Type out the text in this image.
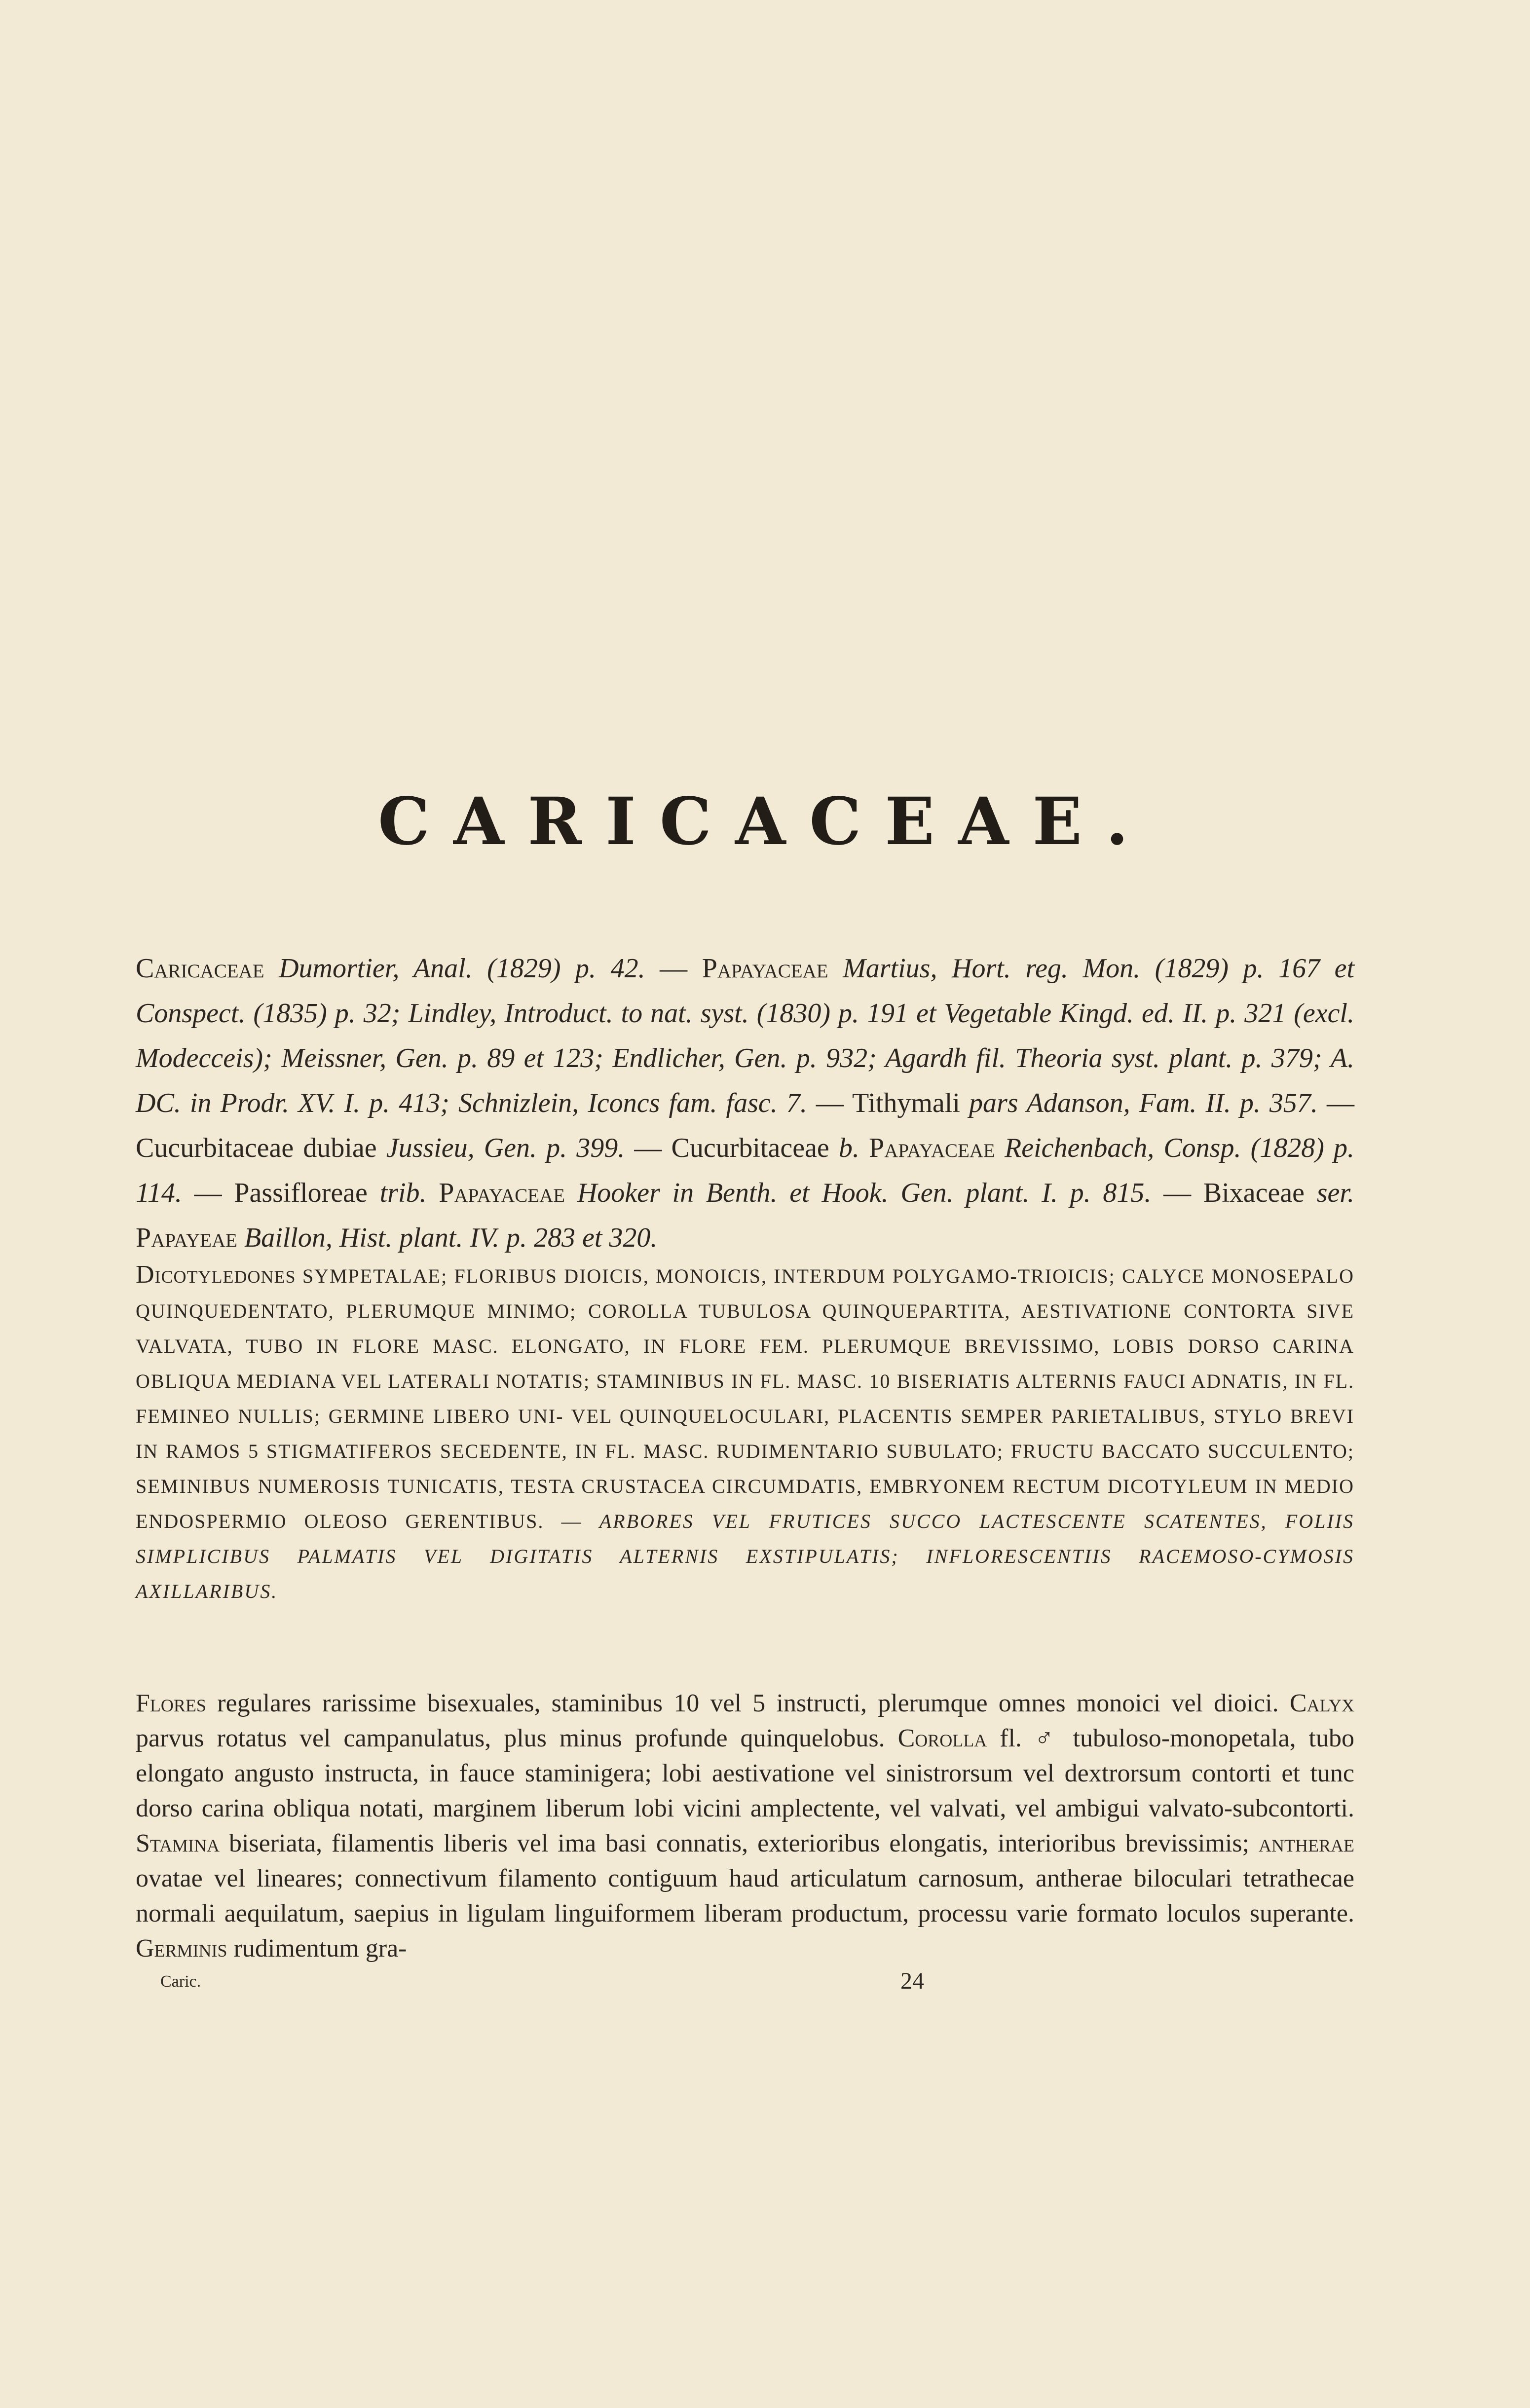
CARICACEAE.

Caricaceae Dumortier, Anal. (1829) p. 42. — Papayaceae Martius, Hort. reg. Mon. (1829) p. 167 et Conspect. (1835) p. 32; Lindley, Introduct. to nat. syst. (1830) p. 191 et Vegetable Kingd. ed. II. p. 321 (excl. Modecceis); Meissner, Gen. p. 89 et 123; Endlicher, Gen. p. 932; Agardh fil. Theoria syst. plant. p. 379; A. DC. in Prodr. XV. I. p. 413; Schnizlein, Iconcs fam. fasc. 7. — Tithymali pars Adanson, Fam. II. p. 357. — Cucurbitaceae dubiae Jussieu, Gen. p. 399. — Cucurbitaceae b. Papayaceae Reichenbach, Consp. (1828) p. 114. — Passifloreae trib. Papayaceae Hooker in Benth. et Hook. Gen. plant. I. p. 815. — Bixaceae ser. Papayeae Baillon, Hist. plant. IV. p. 283 et 320.

Dicotyledones SYMPETALAE; FLORIBUS DIOICIS, MONOICIS, INTERDUM POLYGAMO-TRIOICIS; CALYCE MONOSEPALO QUINQUEDENTATO, PLERUMQUE MINIMO; COROLLA TUBULOSA QUINQUEPARTITA, AESTIVATIONE CONTORTA SIVE VALVATA, TUBO IN FLORE MASC. ELONGATO, IN FLORE FEM. PLERUMQUE BREVISSIMO, LOBIS DORSO CARINA OBLIQUA MEDIANA VEL LATERALI NOTATIS; STAMINIBUS IN FL. MASC. 10 BISERIATIS ALTERNIS FAUCI ADNATIS, IN FL. FEMINEO NULLIS; GERMINE LIBERO UNI- VEL QUINQUELOCULARI, PLACENTIS SEMPER PARIETALIBUS, STYLO BREVI IN RAMOS 5 STIGMATIFEROS SECEDENTE, IN FL. MASC. RUDIMENTARIO SUBULATO; FRUCTU BACCATO SUCCULENTO; SEMINIBUS NUMEROSIS TUNICATIS, TESTA CRUSTACEA CIRCUMDATIS, EMBRYONEM RECTUM DICOTYLEUM IN MEDIO ENDOSPERMIO OLEOSO GERENTIBUS. — ARBORES VEL FRUTICES SUCCO LACTESCENTE SCATENTES, FOLIIS SIMPLICIBUS PALMATIS VEL DIGITATIS ALTERNIS EXSTIPULATIS; INFLORESCENTIIS RACEMOSO-CYMOSIS AXILLARIBUS.

Flores regulares rarissime bisexuales, staminibus 10 vel 5 instructi, plerumque omnes monoici vel dioici. Calyx parvus rotatus vel campanulatus, plus minus profunde quinquelobus. Corolla fl. ♂ tubuloso-monopetala, tubo elongato angusto instructa, in fauce staminigera; lobi aestivatione vel sinistrorsum vel dextrorsum contorti et tunc dorso carina obliqua notati, marginem liberum lobi vicini amplectente, vel valvati, vel ambigui valvato-subcontorti. Stamina biseriata, filamentis liberis vel ima basi connatis, exterioribus elongatis, interioribus brevissimis; antherae ovatae vel lineares; connectivum filamento contiguum haud articulatum carnosum, antherae biloculari tetrathecae normali aequilatum, saepius in ligulam linguiformem liberam productum, processu varie formato loculos superante. Germinis rudimentum gra-

Caric.	24
